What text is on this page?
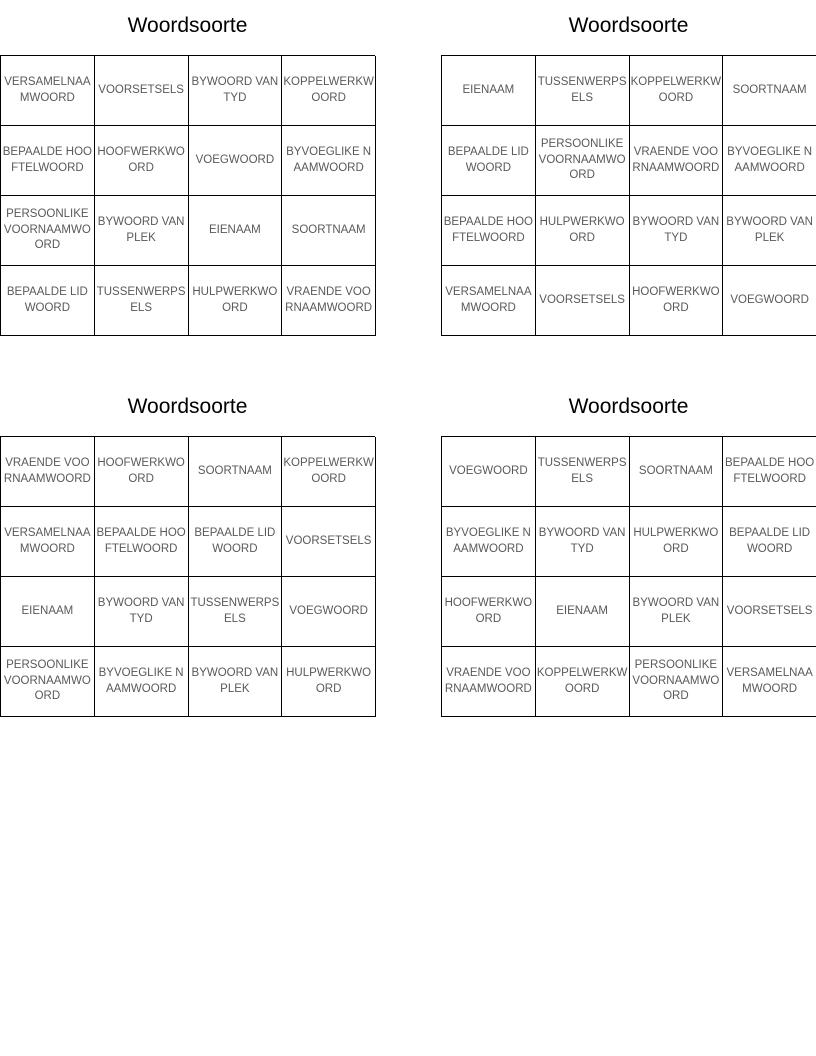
Woordsoorte
VERSAMELNAAMWOORD
VOORSETSELS
BYWOORD VAN TYD
KOPPELWERKWOORD
BEPAALDE HOOFTELWOORD
HOOFWERKWOORD
VOEGWOORD
BYVOEGLIKE NAAMWOORD
PERSOONLIKE VOORNAAMWOORD
BYWOORD VAN PLEK
EIENAAM	SOORTNAAM
BEPAALDE LIDWOORD
TUSSENWERPSELS
HULPWERKWOORD
VRAENDE VOORNAAMWOORD
Woordsoorte
EIENAAM
TUSSENWERPSELS
KOPPELWERKWOORD
SOORTNAAM
BEPAALDE LIDWOORD
PERSOONLIKE VOORNAAMWOORD
VRAENDE VOORNAAMWOORD
BYVOEGLIKE NAAMWOORD
BEPAALDE HOOFTELWOORD
HULPWERKWOORD
BYWOORD VAN TYD
BYWOORD VAN PLEK
VERSAMELNAAMWOORD
VOORSETSELS
HOOFWERKWOORD
VOEGWOORD
Woordsoorte
VRAENDE VOORNAAMWOORD
HOOFWERKWOORD
SOORTNAAM
KOPPELWERKWOORD
VERSAMELNAAMWOORD
BEPAALDE HOOFTELWOORD
BEPAALDE LIDWOORD
VOORSETSELS
EIENAAM
BYWOORD VAN TYD
TUSSENWERPSELS
VOEGWOORD
PERSOONLIKE VOORNAAMWOORD
BYVOEGLIKE NAAMWOORD
BYWOORD VAN PLEK
HULPWERKWOORD
Woordsoorte
VOEGWOORD
TUSSENWERPSELS
SOORTNAAM
BEPAALDE HOOFTELWOORD
BYVOEGLIKE NAAMWOORD
BYWOORD VAN TYD
HULPWERKWOORD
BEPAALDE LIDWOORD
HOOFWERKWOORD
EIENAAM
BYWOORD VAN PLEK
VOORSETSELS
VRAENDE VOORNAAMWOORD
KOPPELWERKWOORD
PERSOONLIKE VOORNAAMWOORD
VERSAMELNAAMWOORD
